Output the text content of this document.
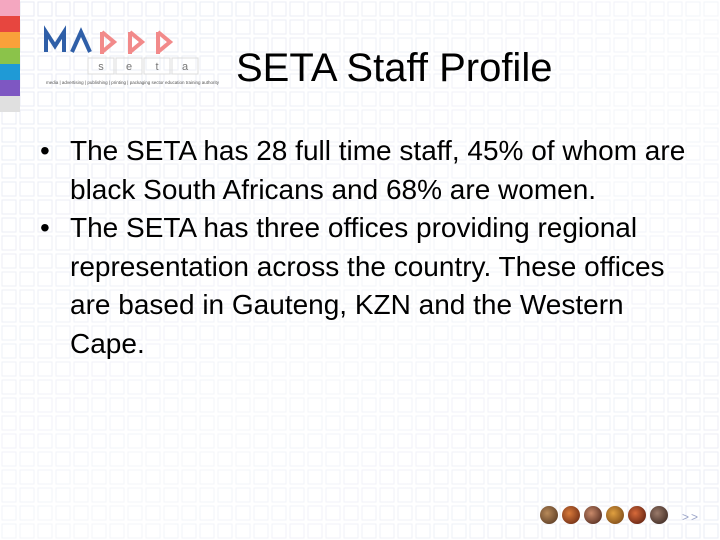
s e t a
media | advertising | publishing | printing | packaging sector education training authority SETA Staff Profile
• The SETA has 28 full time staff, 45% of whom are black South Africans and 68% are women.
• The SETA has three offices providing regional representation across the country. These offices are based in Gauteng, KZN and the Western Cape.
>>
